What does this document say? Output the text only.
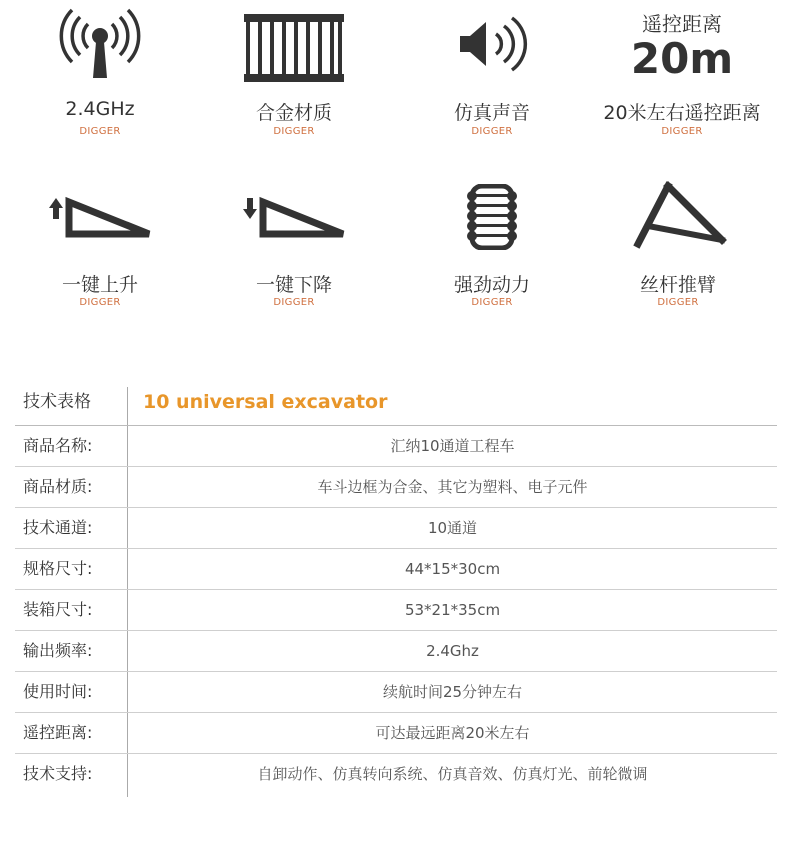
2.4GHz
DIGGER
合金材质
DIGGER
仿真声音
DIGGER
遥控距离
20m
20米左右遥控距离
DIGGER
一键上升
DIGGER
一键下降
DIGGER
强劲动力
DIGGER
丝杆推臂
DIGGER
技术表格	10 universal excavator
商品名称:	汇纳10通道工程车
商品材质:	车斗边框为合金、其它为塑料、电子元件
技术通道:	10通道
规格尺寸:	44*15*30cm
装箱尺寸:	53*21*35cm
输出频率:	2.4Ghz
使用时间:	续航时间25分钟左右
遥控距离:	可达最远距离20米左右
技术支持:	自卸动作、仿真转向系统、仿真音效、仿真灯光、前轮微调
